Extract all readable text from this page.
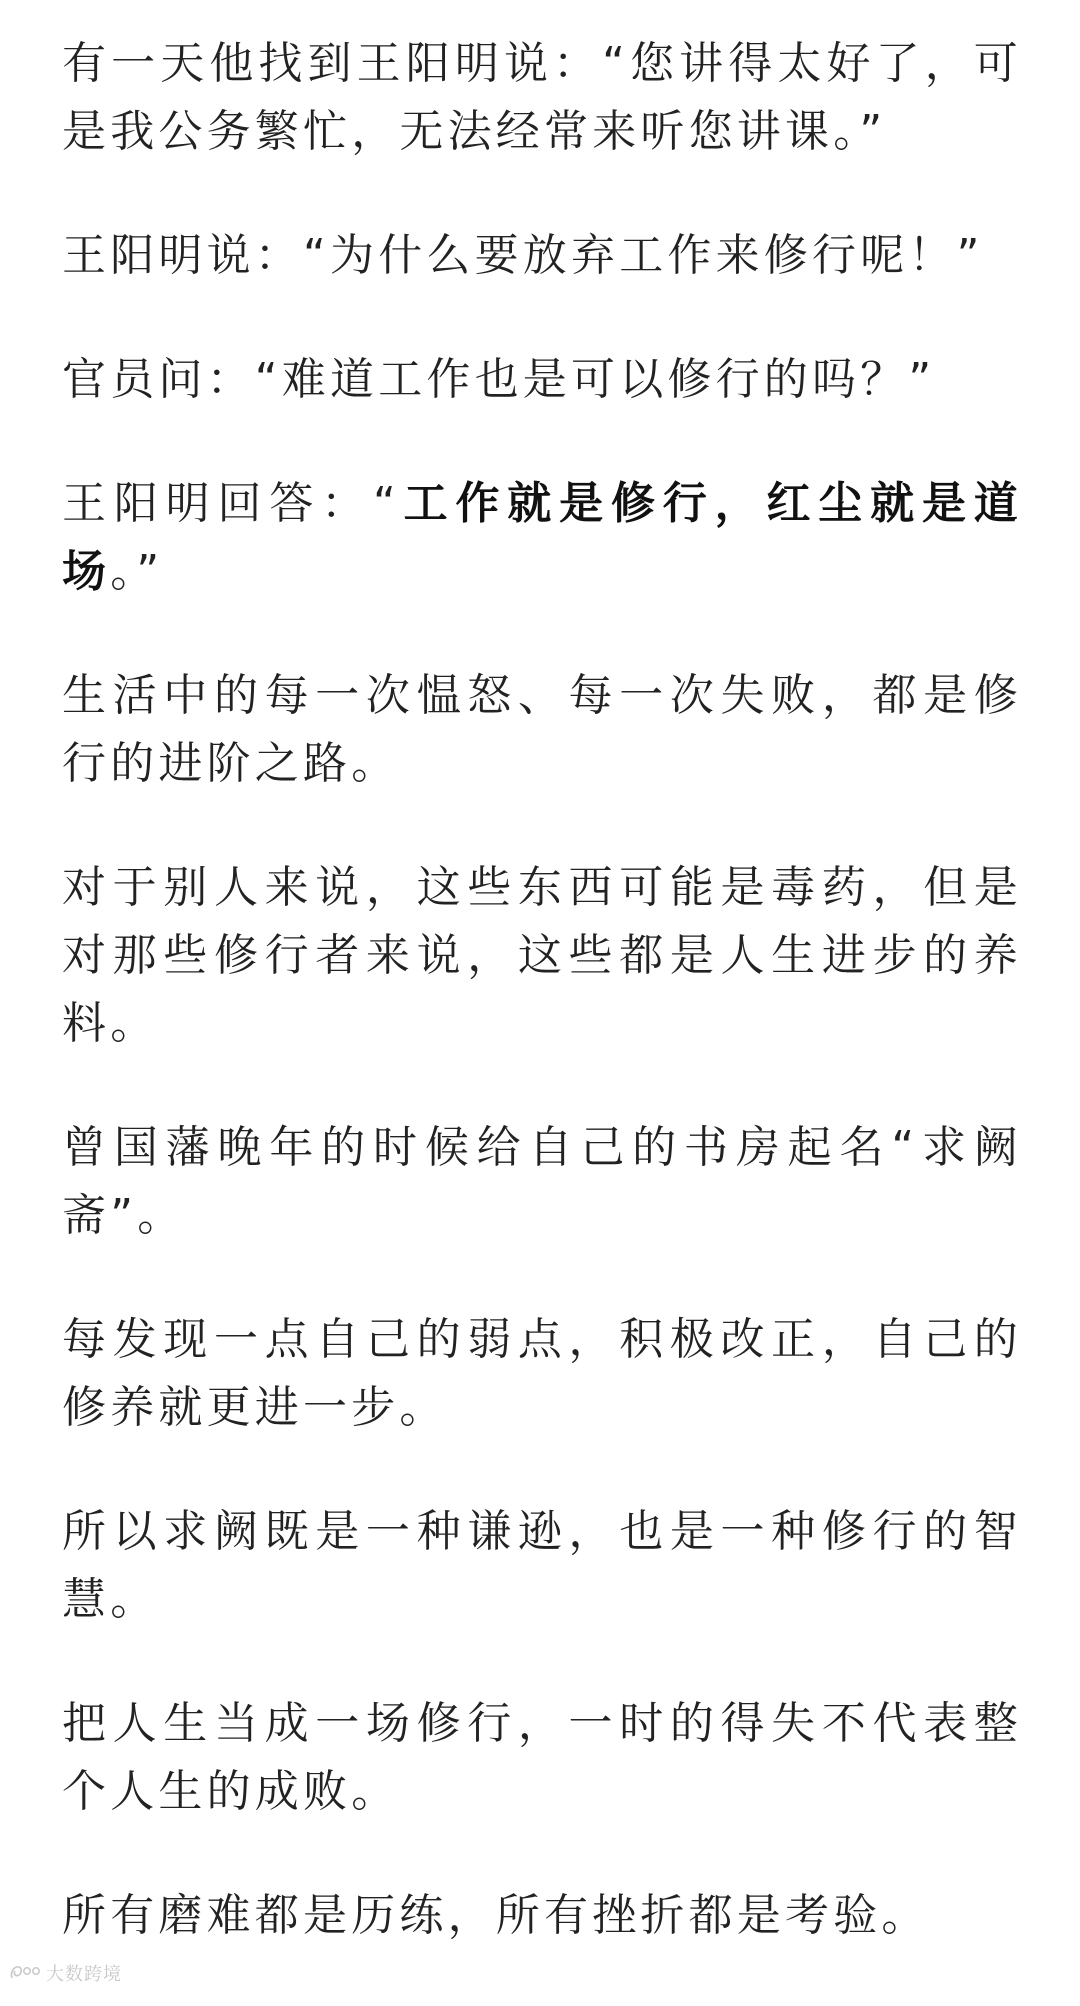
有一天他找到王阳明说：“您讲得太好了，可是我公务繁忙，无法经常来听您讲课。”

王阳明说：“为什么要放弃工作来修行呢！”

官员问：“难道工作也是可以修行的吗？”

王阳明回答：“工作就是修行，红尘就是道场。”

生活中的每一次愠怒、每一次失败，都是修行的进阶之路。

对于别人来说，这些东西可能是毒药，但是对那些修行者来说，这些都是人生进步的养料。

曾国藩晚年的时候给自己的书房起名“求阙斋”。

每发现一点自己的弱点，积极改正，自己的修养就更进一步。

所以求阙既是一种谦逊，也是一种修行的智慧。

把人生当成一场修行，一时的得失不代表整个人生的成败。

所有磨难都是历练，所有挫折都是考验。

大数跨境
